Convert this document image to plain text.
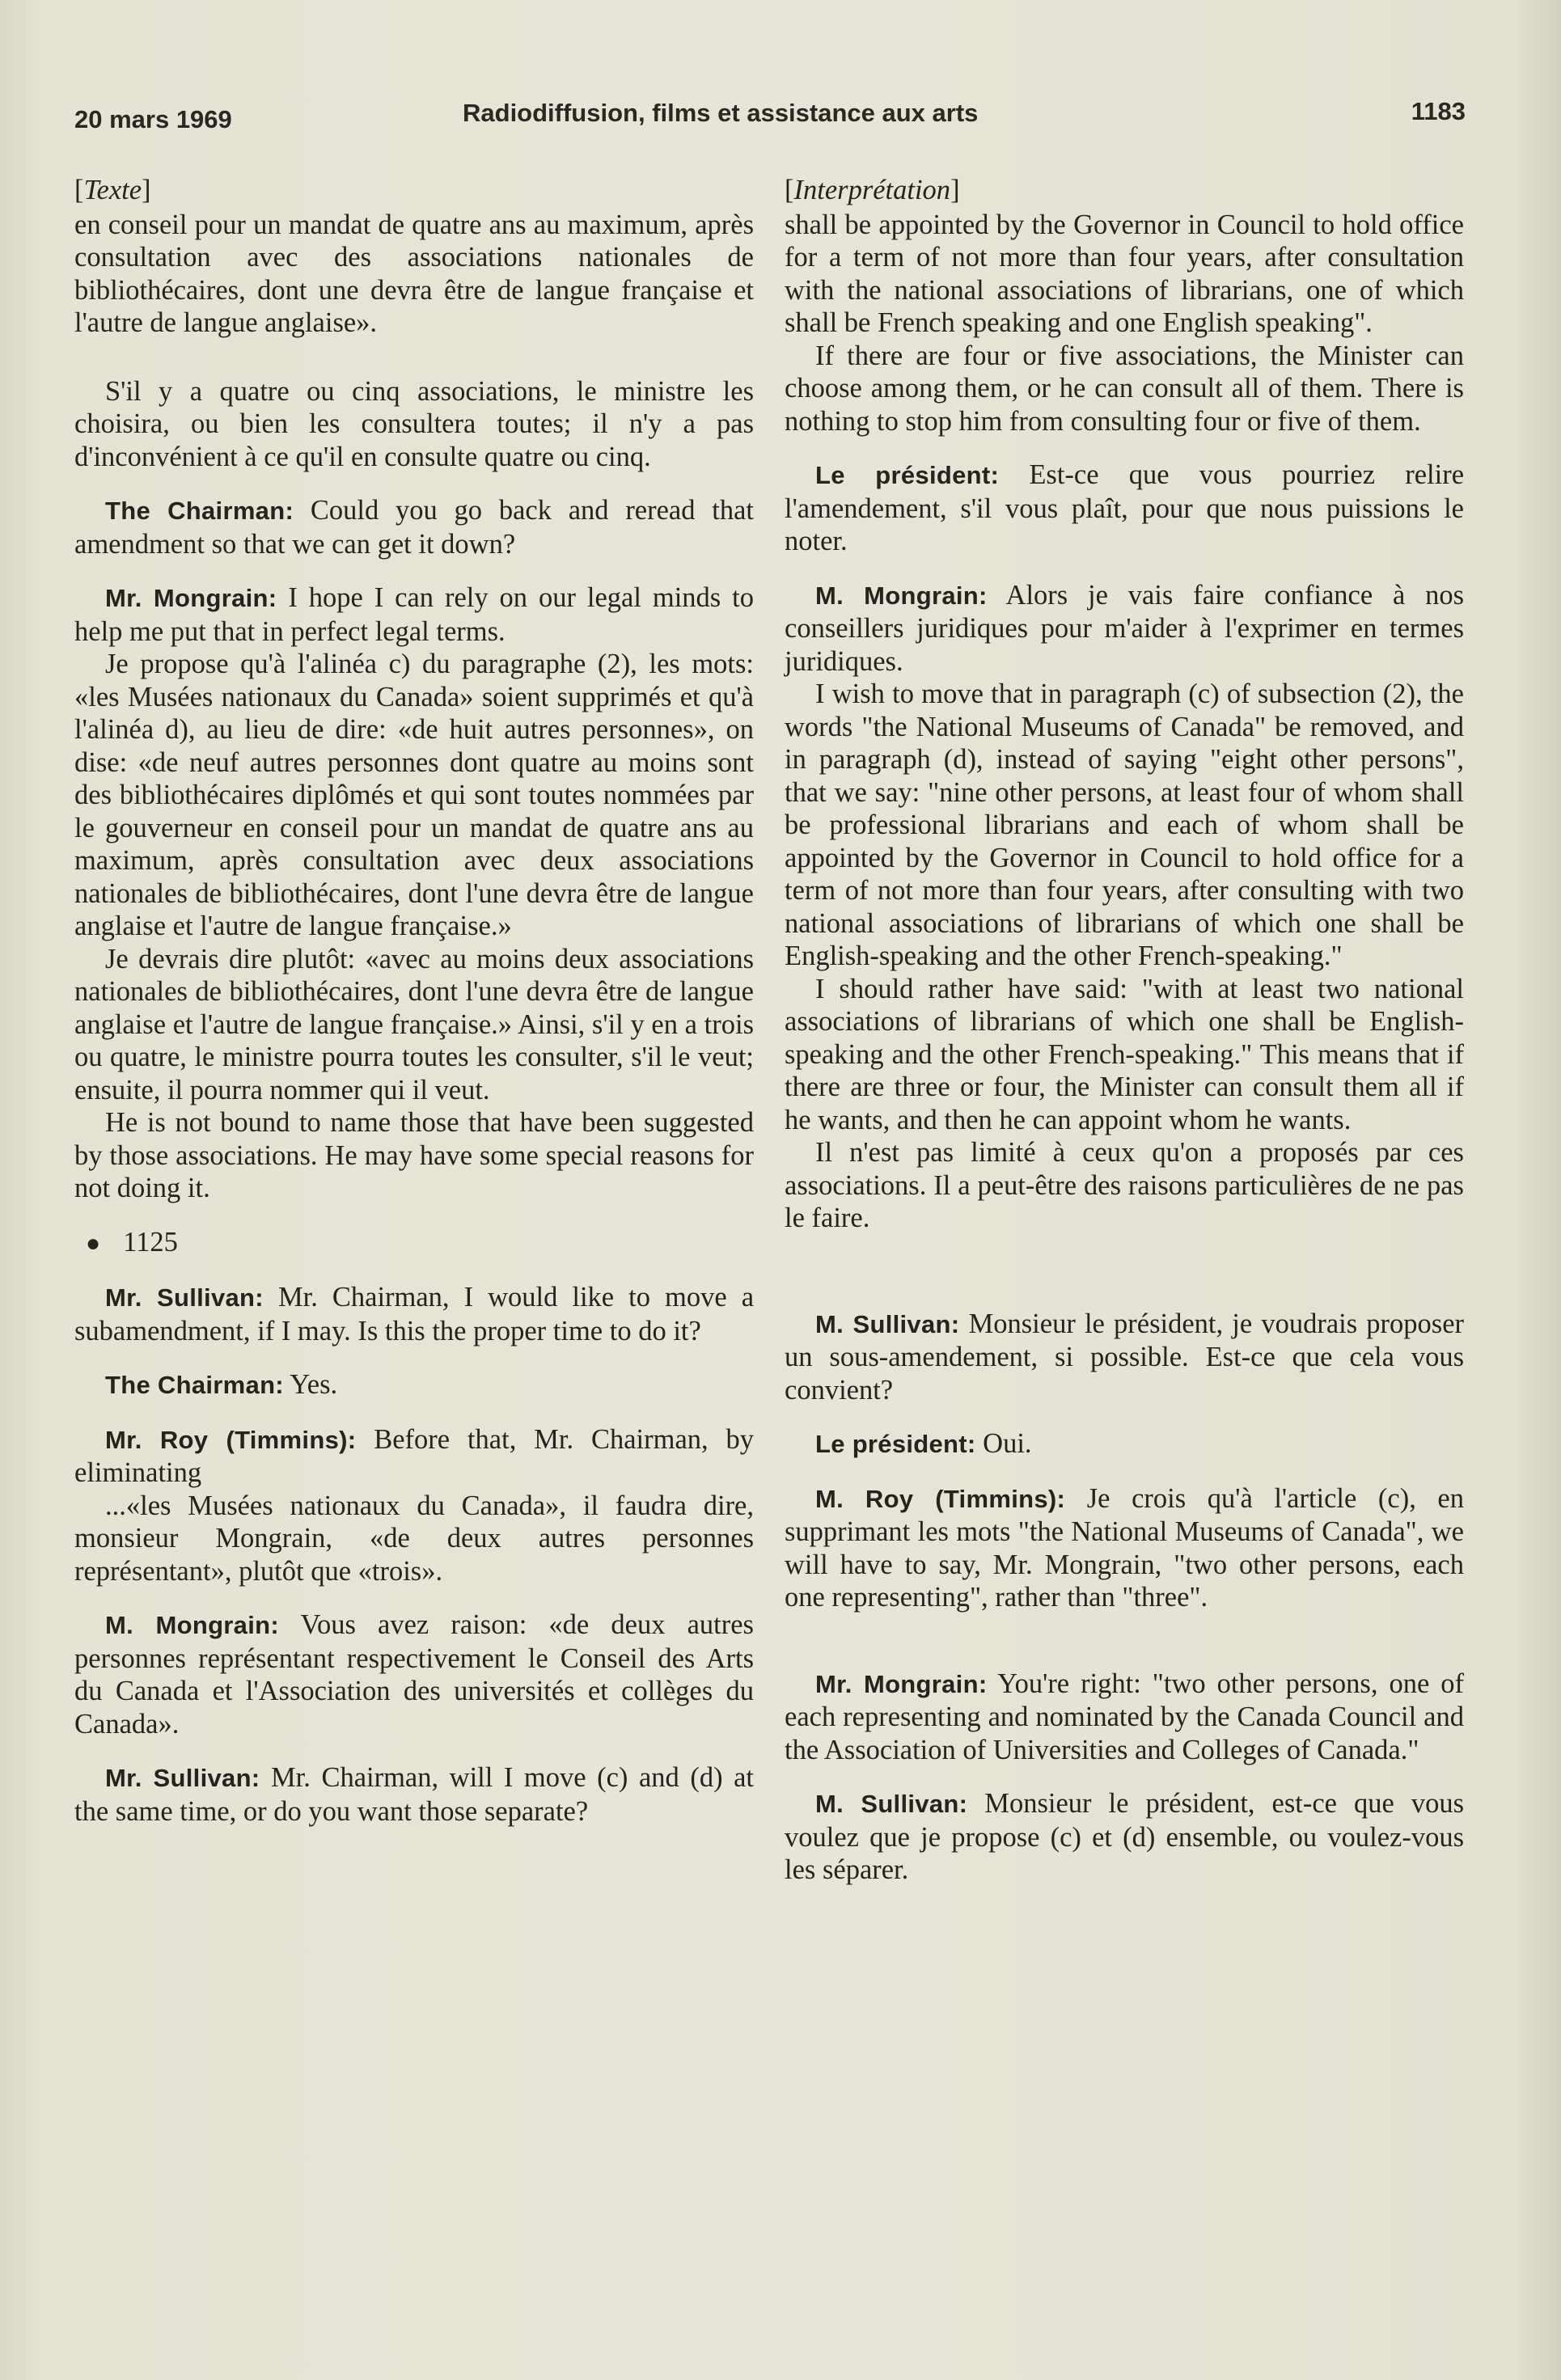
20 mars 1969	Radiodiffusion, films et assistance aux arts	1183
[Texte]

en conseil pour un mandat de quatre ans au maximum, après consultation avec des associations nationales de bibliothécaires, dont une devra être de langue française et l'autre de langue anglaise».

S'il y a quatre ou cinq associations, le ministre les choisira, ou bien les consultera toutes; il n'y a pas d'inconvénient à ce qu'il en consulte quatre ou cinq.

The Chairman: Could you go back and reread that amendment so that we can get it down?

Mr. Mongrain: I hope I can rely on our legal minds to help me put that in perfect legal terms.

Je propose qu'à l'alinéa c) du paragraphe (2), les mots: «les Musées nationaux du Canada» soient supprimés et qu'à l'alinéa d), au lieu de dire: «de huit autres personnes», on dise: «de neuf autres personnes dont quatre au moins sont des bibliothécaires diplômés et qui sont toutes nommées par le gouverneur en conseil pour un mandat de quatre ans au maximum, après consultation avec deux associations nationales de bibliothécaires, dont l'une devra être de langue anglaise et l'autre de langue française.»

Je devrais dire plutôt: «avec au moins deux associations nationales de bibliothécaires, dont l'une devra être de langue anglaise et l'autre de langue française.» Ainsi, s'il y en a trois ou quatre, le ministre pourra toutes les consulter, s'il le veut; ensuite, il pourra nommer qui il veut.

He is not bound to name those that have been suggested by those associations. He may have some special reasons for not doing it.

● 1125

Mr. Sullivan: Mr. Chairman, I would like to move a subamendment, if I may. Is this the proper time to do it?

The Chairman: Yes.

Mr. Roy (Timmins): Before that, Mr. Chairman, by eliminating

...«les Musées nationaux du Canada», il faudra dire, monsieur Mongrain, «de deux autres personnes représentant», plutôt que «trois».

M. Mongrain: Vous avez raison: «de deux autres personnes représentant respectivement le Conseil des Arts du Canada et l'Association des universités et collèges du Canada».

Mr. Sullivan: Mr. Chairman, will I move (c) and (d) at the same time, or do you want those separate?

[Interprétation]

shall be appointed by the Governor in Council to hold office for a term of not more than four years, after consultation with the national associations of librarians, one of which shall be French speaking and one English speaking".

If there are four or five associations, the Minister can choose among them, or he can consult all of them. There is nothing to stop him from consulting four or five of them.

Le président: Est-ce que vous pourriez relire l'amendement, s'il vous plaît, pour que nous puissions le noter.

M. Mongrain: Alors je vais faire confiance à nos conseillers juridiques pour m'aider à l'exprimer en termes juridiques.

I wish to move that in paragraph (c) of subsection (2), the words "the National Museums of Canada" be removed, and in paragraph (d), instead of saying "eight other persons", that we say: "nine other persons, at least four of whom shall be professional librarians and each of whom shall be appointed by the Governor in Council to hold office for a term of not more than four years, after consulting with two national associations of librarians of which one shall be English-speaking and the other French-speaking."

I should rather have said: "with at least two national associations of librarians of which one shall be English-speaking and the other French-speaking." This means that if there are three or four, the Minister can consult them all if he wants, and then he can appoint whom he wants.

Il n'est pas limité à ceux qu'on a proposés par ces associations. Il a peut-être des raisons particulières de ne pas le faire.

M. Sullivan: Monsieur le président, je voudrais proposer un sous-amendement, si possible. Est-ce que cela vous convient?

Le président: Oui.

M. Roy (Timmins): Je crois qu'à l'article (c), en supprimant les mots "the National Museums of Canada", we will have to say, Mr. Mongrain, "two other persons, each one representing", rather than "three".

Mr. Mongrain: You're right: "two other persons, one of each representing and nominated by the Canada Council and the Association of Universities and Colleges of Canada."

M. Sullivan: Monsieur le président, est-ce que vous voulez que je propose (c) et (d) ensemble, ou voulez-vous les séparer.
